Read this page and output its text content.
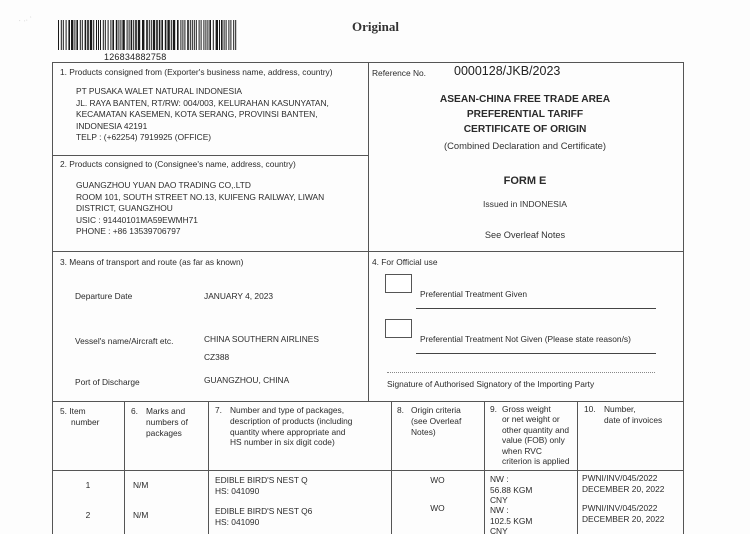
· .. ·
126834882758
Original
1. Products consigned from (Exporter's business name, address, country)
PT PUSAKA WALET NATURAL INDONESIA
JL. RAYA BANTEN, RT/RW: 004/003, KELURAHAN KASUNYATAN,
KECAMATAN KASEMEN, KOTA SERANG, PROVINSI BANTEN,
INDONESIA 42191
TELP : (+62254) 7919925 (OFFICE)
Reference No. 0000128/JKB/2023
ASEAN-CHINA FREE TRADE AREA
PREFERENTIAL TARIFF
CERTIFICATE OF ORIGIN
(Combined Declaration and Certificate)
FORM E
Issued in INDONESIA
See Overleaf Notes
2. Products consigned to (Consignee's name, address, country)
GUANGZHOU YUAN DAO TRADING CO,.LTD
ROOM 101, SOUTH STREET NO.13, KUIFENG RAILWAY, LIWAN
DISTRICT, GUANGZHOU
USIC : 91440101MA59EWMH71
PHONE : +86 13539706797
3. Means of transport and route (as far as known)
Departure Date	JANUARY 4, 2023
Vessel's name/Aircraft etc.	CHINA SOUTHERN AIRLINES
CZ388
Port of Discharge	GUANGZHOU, CHINA
4. For Official use
Preferential Treatment Given
Preferential Treatment Not Given (Please state reason/s)
Signature of Authorised Signatory of the Importing Party
5. Item
number
6. Marks and
numbers of
packages
7. Number and type of packages,
description of products (including
quantity where appropriate and
HS number in six digit code)
8. Origin criteria
(see Overleaf
Notes)
9. Gross weight
or net weight or
other quantity and
value (FOB) only
when RVC
criterion is applied
10. Number,
date of invoices
1	N/M	EDIBLE BIRD'S NEST Q
HS: 041090
WO	NW :
56.88 KGM
CNY
PWNI/INV/045/2022
DECEMBER 20, 2022
2	N/M	EDIBLE BIRD'S NEST Q6
HS: 041090
WO	NW :
102.5 KGM
CNY
PWNI/INV/045/2022
DECEMBER 20, 2022
